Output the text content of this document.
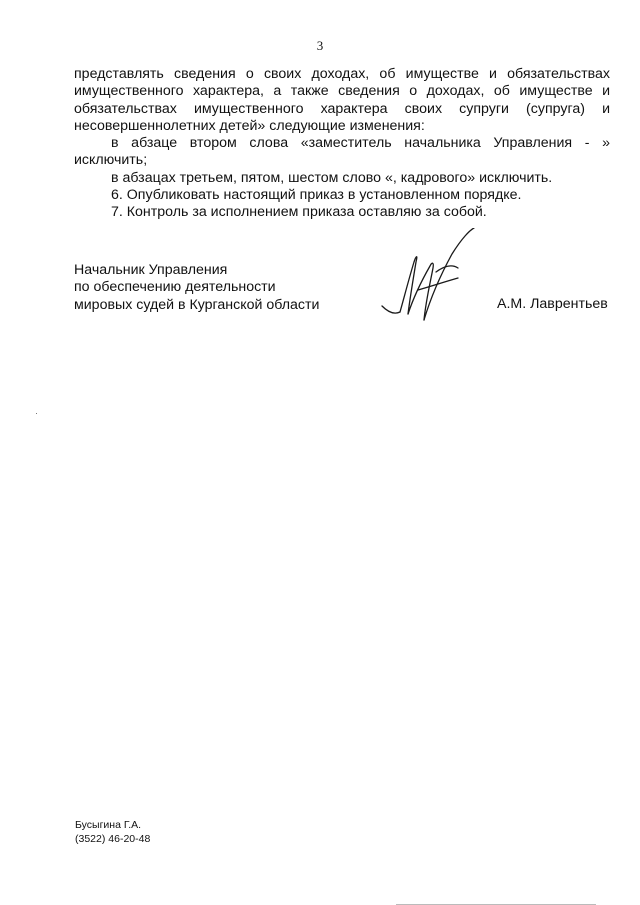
3
представлять сведения о своих доходах, об имуществе и обязательствах
имущественного характера, а также сведения о доходах, об имуществе и
обязательствах имущественного характера своих супруги (супруга) и
несовершеннолетних детей» следующие изменения:
в абзаце втором слова «заместитель начальника Управления - »
исключить;
в абзацах третьем, пятом, шестом слово «, кадрового» исключить.
6. Опубликовать настоящий приказ в установленном порядке.
7. Контроль за исполнением приказа оставляю за собой.
Начальник Управления
по обеспечению деятельности
мировых судей в Курганской области	А.М. Лаврентьев
Бусыгина Г.А.
(3522) 46-20-48
